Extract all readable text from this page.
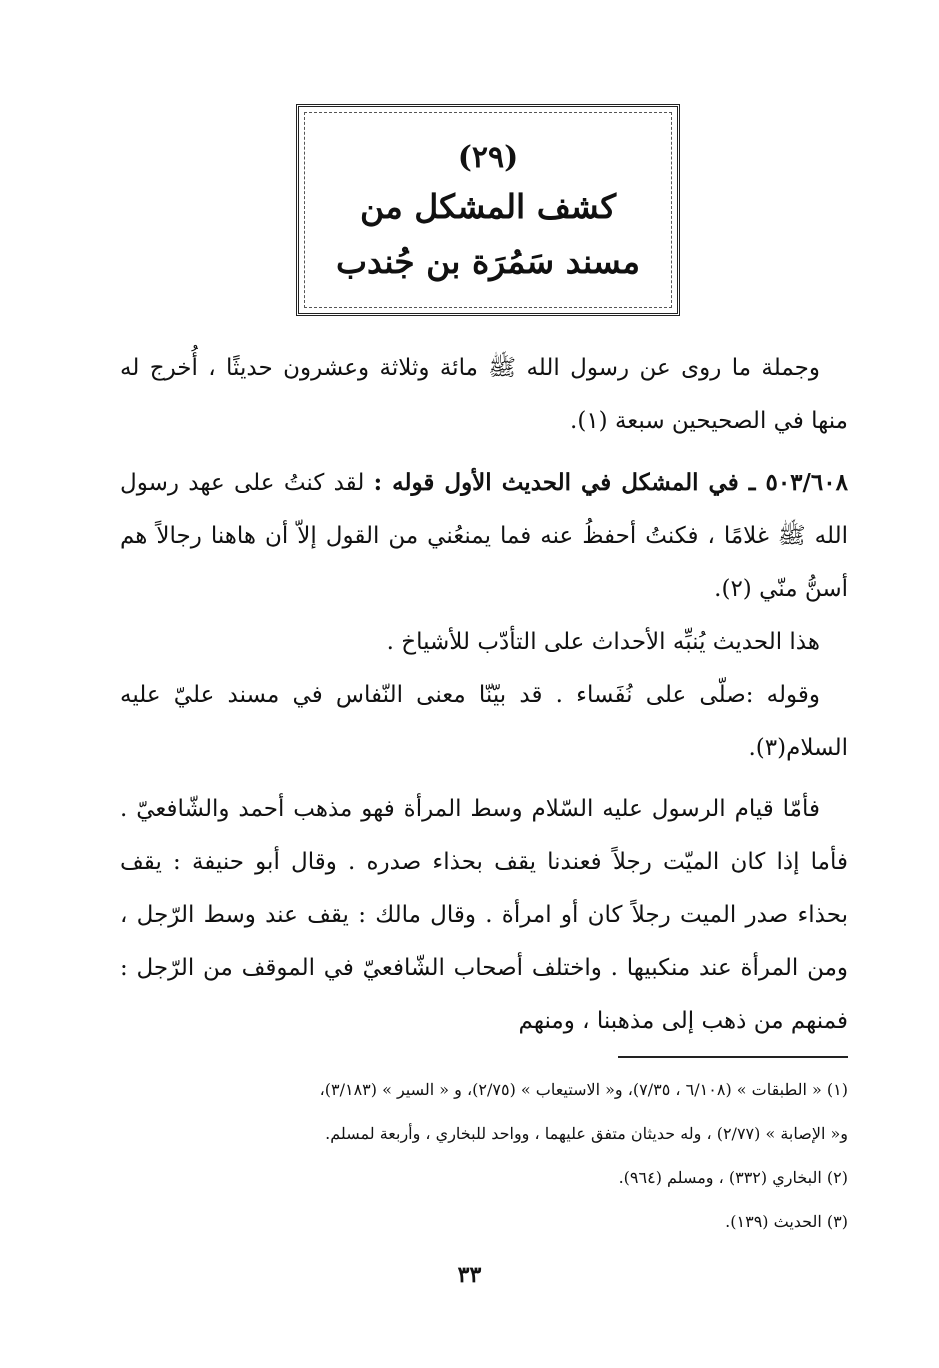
(٢٩)
كشف المشكل من
مسند سَمُرَة بن جُندب

وجملة ما روى عن رسول الله ﷺ مائة وثلاثة وعشرون حديثًا ، أُخرج له منها في الصحيحين سبعة (١).

٥٠٣/٦٠٨ ـ في المشكل في الحديث الأول قوله : لقد كنتُ على عهد رسول الله ﷺ غلامًا ، فكنتُ أحفظُ عنه فما يمنعُني من القول إلاّ أن هاهنا رجالاً هم أسنُّ منّي (٢).

هذا الحديث يُنبِّه الأحداث على التأدّب للأشياخ .

وقوله :صلّى على نُفَساء . قد بيّنّا معنى النّفاس في مسند عليّ عليه السلام(٣).

فأمّا قيام الرسول عليه السّلام وسط المرأة فهو مذهب أحمد والشّافعيّ . فأما إذا كان الميّت رجلاً فعندنا يقف بحذاء صدره . وقال أبو حنيفة : يقف بحذاء صدر الميت رجلاً كان أو امرأة . وقال مالك : يقف عند وسط الرّجل ، ومن المرأة عند منكبيها . واختلف أصحاب الشّافعيّ في الموقف من الرّجل : فمنهم من ذهب إلى مذهبنا ، ومنهم

(١) « الطبقات » (٦/١٠٨ ، ٧/٣٥)، و« الاستيعاب » (٢/٧٥)، و « السير » (٣/١٨٣)،

و« الإصابة » (٢/٧٧) ، وله حديثان متفق عليهما ، وواحد للبخاري ، وأربعة لمسلم.

(٢) البخاري (٣٣٢) ، ومسلم (٩٦٤).

(٣) الحديث (١٣٩).

٣٣
